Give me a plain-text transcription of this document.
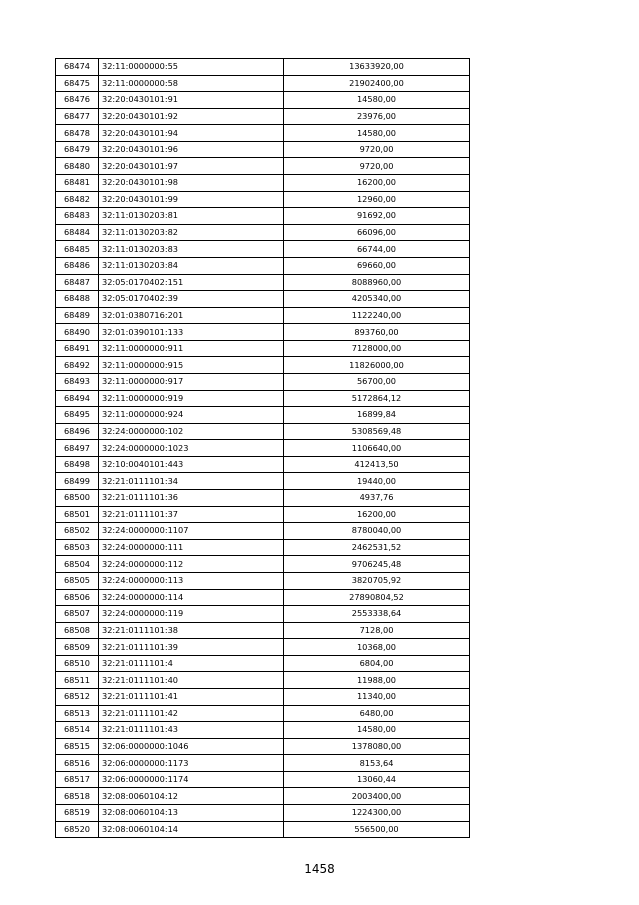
68474	32:11:0000000:55	13633920,00
68475	32:11:0000000:58	21902400,00
68476	32:20:0430101:91	14580,00
68477	32:20:0430101:92	23976,00
68478	32:20:0430101:94	14580,00
68479	32:20:0430101:96	9720,00
68480	32:20:0430101:97	9720,00
68481	32:20:0430101:98	16200,00
68482	32:20:0430101:99	12960,00
68483	32:11:0130203:81	91692,00
68484	32:11:0130203:82	66096,00
68485	32:11:0130203:83	66744,00
68486	32:11:0130203:84	69660,00
68487	32:05:0170402:151	8088960,00
68488	32:05:0170402:39	4205340,00
68489	32:01:0380716:201	1122240,00
68490	32:01:0390101:133	893760,00
68491	32:11:0000000:911	7128000,00
68492	32:11:0000000:915	11826000,00
68493	32:11:0000000:917	56700,00
68494	32:11:0000000:919	5172864,12
68495	32:11:0000000:924	16899,84
68496	32:24:0000000:102	5308569,48
68497	32:24:0000000:1023	1106640,00
68498	32:10:0040101:443	412413,50
68499	32:21:0111101:34	19440,00
68500	32:21:0111101:36	4937,76
68501	32:21:0111101:37	16200,00
68502	32:24:0000000:1107	8780040,00
68503	32:24:0000000:111	2462531,52
68504	32:24:0000000:112	9706245,48
68505	32:24:0000000:113	3820705,92
68506	32:24:0000000:114	27890804,52
68507	32:24:0000000:119	2553338,64
68508	32:21:0111101:38	7128,00
68509	32:21:0111101:39	10368,00
68510	32:21:0111101:4	6804,00
68511	32:21:0111101:40	11988,00
68512	32:21:0111101:41	11340,00
68513	32:21:0111101:42	6480,00
68514	32:21:0111101:43	14580,00
68515	32:06:0000000:1046	1378080,00
68516	32:06:0000000:1173	8153,64
68517	32:06:0000000:1174	13060,44
68518	32:08:0060104:12	2003400,00
68519	32:08:0060104:13	1224300,00
68520	32:08:0060104:14	556500,00
1458
